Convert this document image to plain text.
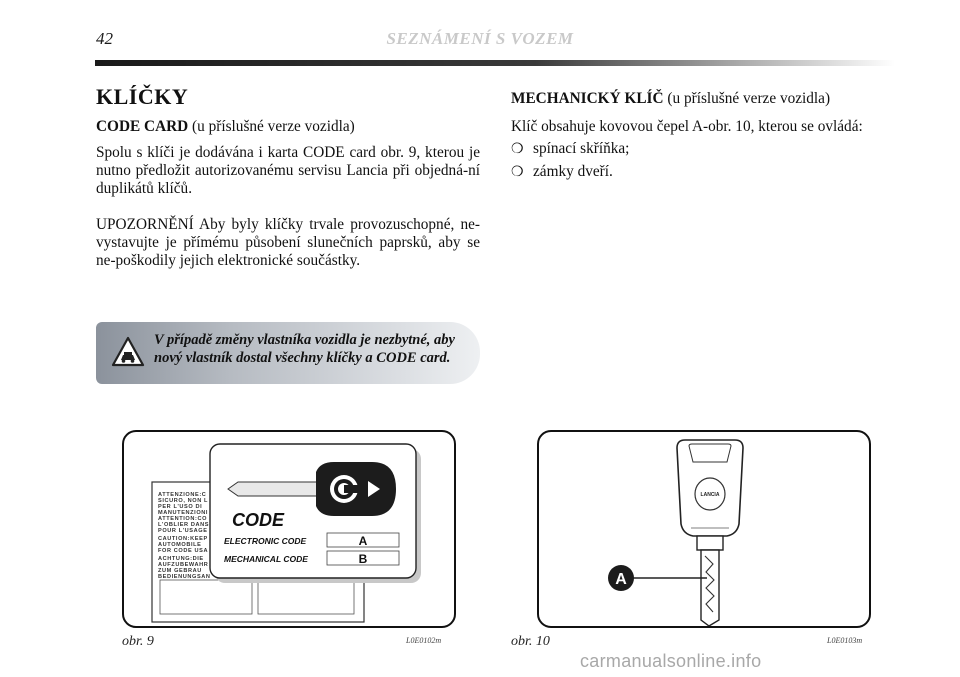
42	SEZNÁMENÍ S VOZEM

KLÍČKY

CODE CARD (u příslušné verze vozidla)

Spolu s klíči je dodávána i karta CODE card obr. 9, kterou je nutno předložit autorizovanému servisu Lancia při objedná-ní duplikátů klíčů.

UPOZORNĚNÍ Aby byly klíčky trvale provozuschopné, ne-vystavujte je přímému působení slunečních paprsků, aby se ne-poškodily jejich elektronické součástky.

V případě změny vlastníka vozidla je nezbytné, aby nový vlastník dostal všechny klíčky a CODE card.

MECHANICKÝ KLÍČ (u příslušné verze vozidla)

Klíč obsahuje kovovou čepel A-obr. 10, kterou se ovládá:

❍ spínací skříňka;
❍ zámky dveří.
ATTENZIONE:C
SICURO, NON L
PER L'USO DI
MANUTENZIONI
ATTENTION:CO
L'OBLIER DANS
POUR L'USAGE
CAUTION:KEEP
AUTOMOBILE
FOR CODE USA
ACHTUNG:DIE
AUFZUBEWAHR
ZUM GEBRAU
BEDIENUNGSAN
CODE
ELECTRONIC CODE	A
MECHANICAL CODE	B
obr. 9	L0E0102m
LANCIA
A
obr. 10	L0E0103m
carmanualsonline.info
